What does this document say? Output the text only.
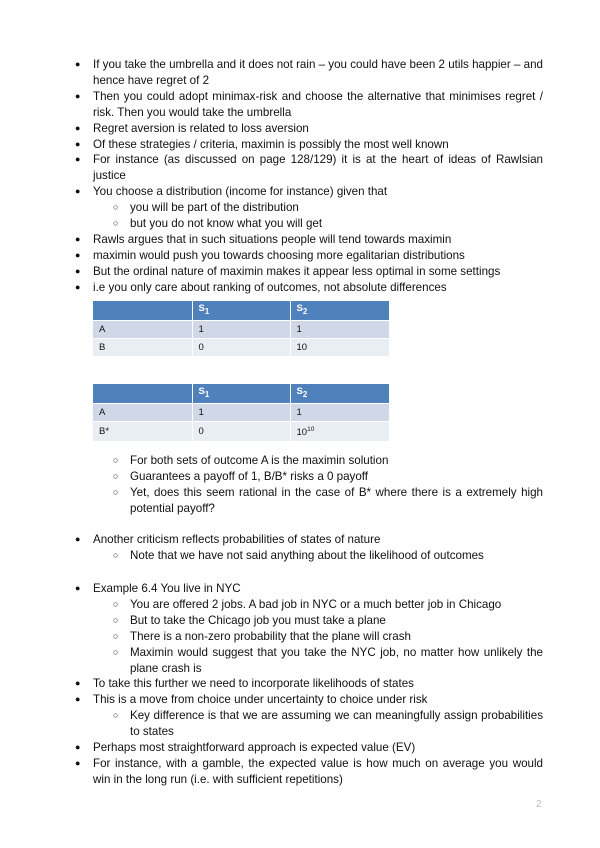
● If you take the umbrella and it does not rain – you could have been 2 utils happier – and hence have regret of 2
● Then you could adopt minimax-risk and choose the alternative that minimises regret / risk. Then you would take the umbrella
● Regret aversion is related to loss aversion
● Of these strategies / criteria, maximin is possibly the most well known
● For instance (as discussed on page 128/129) it is at the heart of ideas of Rawlsian justice
● You choose a distribution (income for instance) given that
○ you will be part of the distribution
○ but you do not know what you will get
● Rawls argues that in such situations people will tend towards maximin
● maximin would push you towards choosing more egalitarian distributions
● But the ordinal nature of maximin makes it appear less optimal in some settings
● i.e you only care about ranking of outcomes, not absolute differences
	$S_1$	$S_2$
A	1	1
B	0	10
	$S_1$	$S_2$
A	1	1
B*	0	$10^{10}$
○ For both sets of outcome A is the maximin solution
○ Guarantees a payoff of 1, B/B* risks a 0 payoff
○ Yet, does this seem rational in the case of B* where there is a extremely high potential payoff?
● Another criticism reflects probabilities of states of nature
○ Note that we have not said anything about the likelihood of outcomes
● Example 6.4 You live in NYC
○ You are offered 2 jobs. A bad job in NYC or a much better job in Chicago
○ But to take the Chicago job you must take a plane
○ There is a non-zero probability that the plane will crash
○ Maximin would suggest that you take the NYC job, no matter how unlikely the plane crash is
● To take this further we need to incorporate likelihoods of states
● This is a move from choice under uncertainty to choice under risk
○ Key difference is that we are assuming we can meaningfully assign probabilities to states
● Perhaps most straightforward approach is expected value (EV)
● For instance, with a gamble, the expected value is how much on average you would win in the long run (i.e. with sufficient repetitions)
2
